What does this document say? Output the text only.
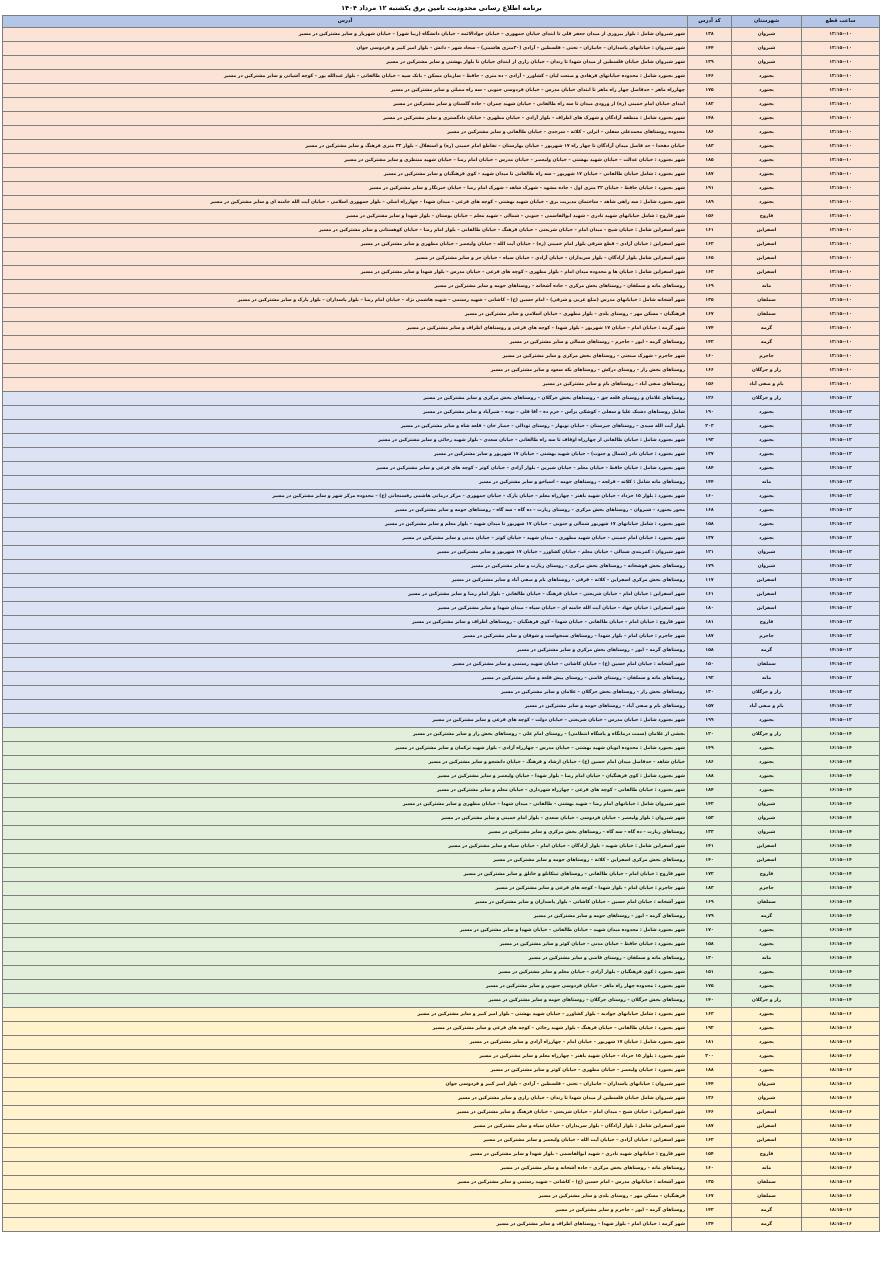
برنامه اطلاع رسانی محدودیت تامین برق یکشنبه ۱۲ مرداد ۱۴۰۴
ساعت قطع	شهرستان	کد آدرس	آدرس
۱۰--۱۲:۱۵	شیروان	۱۳۸	شهر شیروان شامل : بلوار پیروزی از میدان جعفر قلی تا ابتدای خیابان جمهوری – خیابان جوادالائمه – خیابان دانشگاه (زیبا شهر) – خیابان شهریار و سایر مشترکین در مسیر
۱۰--۱۲:۱۵	شیروان	۱۴۴	شهر شیروان : خیابانهای پاسداران – جانبازان – تختی – فلسطین – آزادی (۳۰متری هاشمی) – سجاد شهر – دانش – بلوار امیر کبیر و فردوسی جوان
۱۰--۱۲:۱۵	شیروان	۱۳۹	شهر شیروان شامل خیابان فلسطین از میدان شهدا تا زندان – خیابان رازی از ابتدای خیابان تا بلوار بهشتی و سایر مشترکین در مسیر
۱۰--۱۲:۱۵	بجنورد	۱۴۶	شهر بجنورد شامل : محدوده خیابانهای فرهادی و صنعت لبان – کشاورز – آزادی – ده متری – حافظ – سازمان مسکن – بانک سپه – خیابان طالقانی – بلوار عبدالله پور – کوچه آشیانی و سایر مشترکین در مسیر
۱۰--۱۲:۱۵	بجنورد	۱۷۵	چهارراه ماهر – حدفاصل چهار راه ماهر تا ابتدای خیابان مدرس – خیابان فردوسی جنوبی – سه راه مصلی و سایر مشترکین در مسیر
۱۰--۱۲:۱۵	بجنورد	۱۸۲	ابتدای خیابان امام خمینی (ره) از ورودی میدان تا سه راه طالقانی – خیابان شهید چمران – جاده گلستان و سایر مشترکین در مسیر
۱۰--۱۲:۱۵	بجنورد	۱۴۸	شهر بجنورد شامل : منطقه آزادگان و شهرک های اطراف – بلوار آزادی – خیابان مطهری – خیابان دادگستری و سایر مشترکین در مسیر
۱۰--۱۲:۱۵	بجنورد	۱۸۶	محدوده روستاهای محمدعلی سفلی – اترلی – کلاته – سرحدی – خیابان طالقانی و سایر مشترکین در مسیر
۱۰--۱۲:۱۵	بجنورد	۱۸۳	خیابان دهخدا – حد فاصل میدان آزادگان تا چهار راه ۱۷ شهریور – خیابان بهارستان – تقاطع امام خمینی (ره) و استقلال – بلوار ۳۲ متری فرهنگ و سایر مشترکین در مسیر
۱۰--۱۲:۱۵	بجنورد	۱۸۵	شهر بجنورد : خیابان عدالت – خیابان شهید بهشتی – خیابان ولیعصر – خیابان مدرس – خیابان امام رضا – خیابان شهید منتظری و سایر مشترکین در مسیر
۱۰--۱۲:۱۵	بجنورد	۱۸۷	شهر بجنورد : شامل خیابان طالقانی – خیابان ۱۷ شهریور – سه راه طالقانی تا میدان شهید – کوی فرهنگیان و سایر مشترکین در مسیر
۱۰--۱۲:۱۵	بجنورد	۱۹۱	شهر بجنورد : خیابان حافظ – خیابان ۳۲ متری اول – جاده مشهد – شهرک شاهد – شهرک امام رضا – خیابان خبرنگار و سایر مشترکین در مسیر
۱۰--۱۲:۱۵	بجنورد	۱۸۹	شهر بجنورد شامل : سه راهی شاهد – ساختمان مدیریت برق – خیابان شهید بهشتی – کوچه های فرعی – میدان شهدا – چهارراه اصلی – بلوار جمهوری اسلامی – خیابان آیت الله خامنه ای و سایر مشترکین در مسیر
۱۰--۱۲:۱۵	فاروج	۱۵۶	شهر فاروج : شامل خیابانهای شهید نادری – شهید ابوالقاسمی – جنوبی – شمالی – شهید معلم – خیابان بوستان – بلوار شهدا و سایر مشترکین در مسیر
۱۰--۱۲:۱۵	اسفراین	۱۶۱	شهر اسفراین شامل : خیابان شیخ – میدان امام – خیابان شریعتی – خیابان فرهنگ – خیابان طالقانی – بلوار امام رضا – خیابان کوهستانی و سایر مشترکین در مسیر
۱۰--۱۲:۱۵	اسفراین	۱۶۲	شهر اسفراین : خیابان آزادی – قطع شرقی بلوار امام خمینی (ره) – خیابان آیت الله – خیابان ولیعصر – خیابان مطهری و سایر مشترکین در مسیر
۱۰--۱۲:۱۵	اسفراین	۱۶۵	شهر اسفراین شامل بلوار آزادگان – بلوار سربداران – خیابان آزادی – خیابان سپاه – خیابان حر و سایر مشترکین در مسیر
۱۰--۱۲:۱۵	اسفراین	۱۶۳	شهر اسفراین شامل : خیابان ها و محدوده میدان امام – بلوار مطهری – کوچه های فرعی – خیابان مدرس – بلوار شهدا و سایر مشترکین در مسیر
۱۰--۱۲:۱۵	مانه	۱۶۹	روستاهای مانه و سملقان – روستاهای بخش مرکزی – جاده آشخانه – روستاهای حومه و سایر مشترکین در مسیر
۱۰--۱۲:۱۵	سملقان	۱۳۵	شهر آشخانه شامل : خیابانهای مدرس (ضلع غربی و شرقی) – امام حسین (ع) – کاشانی – شهید رستمی – شهید هاشمی نژاد – خیابان امام رضا – بلوار پاسداران – بلوار پارک و سایر مشترکین در مسیر
۱۰--۱۲:۱۵	سملقان	۱۶۷	فرهنگیان – مسکن مهر – روستای یلدی – بلوار مطهری – خیابان اسلامی و سایر مشترکین در مسیر
۱۰--۱۲:۱۵	گرمه	۱۷۴	شهر گرمه : خیابان امام – خیابان ۱۷ شهریور – بلوار شهدا – کوچه های فرعی و روستاهای اطراف و سایر مشترکین در مسیر
۱۰--۱۲:۱۵	گرمه	۱۴۲	روستاهای گرمه – ایور – جاجرم – روستاهای شمالی و سایر مشترکین در مسیر
۱۰--۱۲:۱۵	جاجرم	۱۶۰	شهر جاجرم – شهرک صنعتی – روستاهای بخش مرکزی و سایر مشترکین در مسیر
۱۰--۱۲:۱۵	راز و جرگلان	۱۶۶	روستاهای بخش راز – روستای درکش – روستاهای یکه سعود و سایر مشترکین در مسیر
۱۰--۱۲:۱۵	بام و صفی آباد	۱۵۶	روستاهای صفی آباد – روستاهای بام و سایر مشترکین در مسیر
۱۲--۱۴:۱۵	راز و جرگلان	۱۲۶	روستاهای غلامان و روستای قلعه جق – روستاهای بخش جرگلان – روستاهای بخش مرکزی و سایر مشترکین در مسیر
۱۲--۱۴:۱۵	بجنورد	۱۹۰	شامل روستاهای دشتک علیا و سفلی – کوشکی برآس – خرم ده – آقا قلی – نوده – شیرآباد و سایر مشترکین در مسیر
۱۲--۱۴:۱۵	بجنورد	۲۰۳	بلوار آیت الله سیدی – روستاهای جیرستان – خیابان نوبهار – روستای تودالی – حصار خان – قلعه شاه و سایر مشترکین در مسیر
۱۲--۱۴:۱۵	بجنورد	۱۹۳	شهر بجنورد شامل : خیابان طالقانی از چهارراه اوقاف تا سه راه طالقانی – خیابان سعدی – بلوار شهید رجائی و سایر مشترکین در مسیر
۱۲--۱۴:۱۵	بجنورد	۱۳۷	شهر بجنورد : خیابان نادر (شمال و جنوب) – خیابان شهید بهشتی – خیابان ۱۷ شهریور و سایر مشترکین در مسیر
۱۲--۱۴:۱۵	بجنورد	۱۸۴	شهر بجنورد شامل : خیابان حافظ – خیابان معلم – خیابان شیرین – بلوار آزادی – خیابان کوثر – کوچه های فرعی و سایر مشترکین در مسیر
۱۲--۱۴:۱۵	مانه	۱۴۴	روستاهای مانه شامل : کلاته – قزلجه – روستاهای حومه – اسپاخو و سایر مشترکین در مسیر
۱۲--۱۴:۱۵	بجنورد	۱۶۰	شهر بجنورد : بلوار ۱۵ خرداد – خیابان شهید باهنر – چهارراه معلم – خیابان پارک – خیابان جمهوری – مرکز درمانی هاشمی رفسنجانی (ع) – محدوده مرکز شهر و سایر مشترکین در مسیر
۱۲--۱۴:۱۵	بجنورد	۱۶۸	محور بجنورد – شیروان – روستاهای بخش مرکزی – روستای زیارت – ده گاه – سه گاه – روستاهای حومه و سایر مشترکین در مسیر
۱۲--۱۴:۱۵	بجنورد	۱۵۸	شهر بجنورد : شامل خیابانهای ۱۷ شهریور شمالی و جنوبی – خیابان ۱۷ شهریور تا میدان شهید – بلوار معلم و سایر مشترکین در مسیر
۱۲--۱۴:۱۵	بجنورد	۱۳۷	شهر بجنورد : خیابان امام خمینی – خیابان شهید مطهری – میدان شهید – خیابان کوثر – خیابان مدنی و سایر مشترکین در مسیر
۱۲--۱۴:۱۵	شیروان	۱۲۱	شهر شیروان : کمربندی شمالی – خیابان معلم – خیابان کشاورز – خیابان ۱۷ شهریور و سایر مشترکین در مسیر
۱۲--۱۴:۱۵	شیروان	۱۷۹	روستاهای بخش قوشخانه – روستاهای بخش مرکزی – روستای زیارت و سایر مشترکین در مسیر
۱۲--۱۴:۱۵	اسفراین	۱۱۷	روستاهای بخش مرکزی اسفراین – کلاته – قرقی – روستاهای بام و صفی آباد و سایر مشترکین در مسیر
۱۲--۱۴:۱۵	اسفراین	۱۶۱	شهر اسفراین : خیابان امام – خیابان شریعتی – خیابان فرهنگ – خیابان طالقانی – بلوار امام رضا و سایر مشترکین در مسیر
۱۲--۱۴:۱۵	اسفراین	۱۸۰	شهر اسفراین : خیابان جهاد – خیابان آیت الله خامنه ای – خیابان سپاه – میدان شهدا و سایر مشترکین در مسیر
۱۲--۱۴:۱۵	فاروج	۱۸۱	شهر فاروج : خیابان امام – خیابان طالقانی – خیابان شهدا – کوی فرهنگیان – روستاهای اطراف و سایر مشترکین در مسیر
۱۲--۱۴:۱۵	جاجرم	۱۸۷	شهر جاجرم : خیابان امام – بلوار شهدا – روستاهای سنخواست و شوقان و سایر مشترکین در مسیر
۱۲--۱۴:۱۵	گرمه	۱۵۸	روستاهای گرمه – ایور – روستاهای بخش مرکزی و سایر مشترکین در مسیر
۱۲--۱۴:۱۵	سملقان	۱۵۰	شهر آشخانه : خیابان امام حسین (ع) – خیابان کاشانی – خیابان شهید رستمی و سایر مشترکین در مسیر
۱۲--۱۴:۱۵	مانه	۱۹۲	روستاهای مانه و سملقان – روستای قاضی – روستای پیش قلعه و سایر مشترکین در مسیر
۱۲--۱۴:۱۵	راز و جرگلان	۱۳۰	روستاهای بخش راز – روستاهای بخش جرگلان – غلامان و سایر مشترکین در مسیر
۱۲--۱۴:۱۵	بام و صفی آباد	۱۵۷	روستاهای بام و صفی آباد – روستاهای حومه و سایر مشترکین در مسیر
۱۲--۱۴:۱۵	بجنورد	۱۹۹	شهر بجنورد شامل : خیابان مدرس – خیابان شریعتی – خیابان دولت – کوچه های فرعی و سایر مشترکین در مسیر
۱۴--۱۶:۱۵	راز و جرگلان	۱۲۰	بخشی از غلامان (سمت درمانگاه و پاسگاه انتظامی) – روستای امام علی – روستاهای بخش راز و سایر مشترکین در مسیر
۱۴--۱۶:۱۵	بجنورد	۱۴۹	شهر بجنورد شامل : محدوده اتوبان شهید بهشتی – خیابان مدرس – چهارراه آزادی – بلوار شهید ترکمان و سایر مشترکین در مسیر
۱۴--۱۶:۱۵	بجنورد	۱۸۶	خیابان شاهد – حدفاصل میدان امام حسین (ع) – خیابان ارشاد و فرهنگ – خیابان دانشجو و سایر مشترکین در مسیر
۱۴--۱۶:۱۵	بجنورد	۱۸۸	شهر بجنورد شامل : کوی فرهنگیان – خیابان امام رضا – بلوار شهدا – خیابان ولیعصر و سایر مشترکین در مسیر
۱۴--۱۶:۱۵	بجنورد	۱۸۴	شهر بجنورد : خیابان طالقانی – کوچه های فرعی – چهارراه شهرداری – خیابان معلم و سایر مشترکین در مسیر
۱۴--۱۶:۱۵	شیروان	۱۴۲	شهر شیروان شامل : خیابانهای امام رضا – شهید بهشتی – طالقانی – میدان شهدا – خیابان مطهری و سایر مشترکین در مسیر
۱۴--۱۶:۱۵	شیروان	۱۵۳	شهر شیروان : بلوار ولیعصر – خیابان فردوسی – خیابان سعدی – بلوار امام خمینی و سایر مشترکین در مسیر
۱۴--۱۶:۱۵	شیروان	۱۳۳	روستاهای زیارت – ده گاه – سه گاه – روستاهای بخش مرکزی و سایر مشترکین در مسیر
۱۴--۱۶:۱۵	اسفراین	۱۴۱	شهر اسفراین شامل : خیابان شهید – بلوار آزادگان – خیابان امام – خیابان سپاه و سایر مشترکین در مسیر
۱۴--۱۶:۱۵	اسفراین	۱۴۰	روستاهای بخش مرکزی اسفراین – کلاته – روستاهای حومه و سایر مشترکین در مسیر
۱۴--۱۶:۱۵	فاروج	۱۷۲	شهر فاروج : خیابان امام – خیابان طالقانی – روستاهای تیتکانلو و خانلق و سایر مشترکین در مسیر
۱۴--۱۶:۱۵	جاجرم	۱۸۳	شهر جاجرم : خیابان امام – بلوار شهدا – کوچه های فرعی و سایر مشترکین در مسیر
۱۴--۱۶:۱۵	سملقان	۱۶۹	شهر آشخانه : خیابان امام حسین – خیابان کاشانی – بلوار پاسداران و سایر مشترکین در مسیر
۱۴--۱۶:۱۵	گرمه	۱۷۹	روستاهای گرمه – ایور – روستاهای حومه و سایر مشترکین در مسیر
۱۴--۱۶:۱۵	بجنورد	۱۷۰	شهر بجنورد شامل : محدوده میدان شهید – خیابان طالقانی – خیابان شهدا و سایر مشترکین در مسیر
۱۴--۱۶:۱۵	بجنورد	۱۵۸	شهر بجنورد : خیابان حافظ – خیابان مدنی – خیابان کوثر و سایر مشترکین در مسیر
۱۴--۱۶:۱۵	مانه	۱۳۰	روستاهای مانه و سملقان – روستای قاضی و سایر مشترکین در مسیر
۱۴--۱۶:۱۵	بجنورد	۱۵۱	شهر بجنورد : کوی فرهنگیان – بلوار آزادی – خیابان معلم و سایر مشترکین در مسیر
۱۴--۱۶:۱۵	بجنورد	۱۷۵	شهر بجنورد : محدوده چهار راه ماهر – خیابان فردوسی جنوبی و سایر مشترکین در مسیر
۱۴--۱۶:۱۵	راز و جرگلان	۱۴۰	روستاهای بخش جرگلان – روستای جرگلان – روستاهای حومه و سایر مشترکین در مسیر
۱۶--۱۸:۱۵	بجنورد	۱۶۳	شهر بجنورد : شامل خیابانهای جوادیه – بلوار کشاورز – خیابان شهید بهشتی – بلوار امیر کبیر و سایر مشترکین در مسیر
۱۶--۱۸:۱۵	بجنورد	۱۹۲	شهر بجنورد : خیابان طالقانی – خیابان فرهنگ – بلوار شهید رجائی – کوچه های فرعی و سایر مشترکین در مسیر
۱۶--۱۸:۱۵	بجنورد	۱۸۱	شهر بجنورد شامل : خیابان ۱۷ شهریور – خیابان امام – چهارراه آزادی و سایر مشترکین در مسیر
۱۶--۱۸:۱۵	بجنورد	۲۰۰	شهر بجنورد : بلوار ۱۵ خرداد – خیابان شهید باهنر – چهارراه معلم و سایر مشترکین در مسیر
۱۶--۱۸:۱۵	بجنورد	۱۸۸	شهر بجنورد : خیابان ولیعصر – خیابان مطهری – خیابان کوثر و سایر مشترکین در مسیر
۱۶--۱۸:۱۵	شیروان	۱۴۴	شهر شیروان : خیابانهای پاسداران – جانبازان – تختی – فلسطین – آزادی – بلوار امیر کبیر و فردوسی جوان
۱۶--۱۸:۱۵	شیروان	۱۳۶	شهر شیروان شامل خیابان فلسطین از میدان شهدا تا زندان – خیابان رازی و سایر مشترکین در مسیر
۱۶--۱۸:۱۵	اسفراین	۱۴۶	شهر اسفراین : خیابان شیخ – میدان امام – خیابان شریعتی – خیابان فرهنگ و سایر مشترکین در مسیر
۱۶--۱۸:۱۵	اسفراین	۱۸۷	شهر اسفراین شامل : بلوار آزادگان – بلوار سربداران – خیابان سپاه و سایر مشترکین در مسیر
۱۶--۱۸:۱۵	اسفراین	۱۶۲	شهر اسفراین : خیابان آزادی – خیابان آیت الله – خیابان ولیعصر و سایر مشترکین در مسیر
۱۶--۱۸:۱۵	فاروج	۱۵۴	شهر فاروج : خیابانهای شهید نادری – شهید ابوالقاسمی – بلوار شهدا و سایر مشترکین در مسیر
۱۶--۱۸:۱۵	مانه	۱۶۰	روستاهای مانه – روستاهای بخش مرکزی – جاده آشخانه و سایر مشترکین در مسیر
۱۶--۱۸:۱۵	سملقان	۱۳۵	شهر آشخانه : خیابانهای مدرس – امام حسین (ع) – کاشانی – شهید رستمی و سایر مشترکین در مسیر
۱۶--۱۸:۱۵	سملقان	۱۶۷	فرهنگیان – مسکن مهر – روستای یلدی و سایر مشترکین در مسیر
۱۶--۱۸:۱۵	گرمه	۱۴۲	روستاهای گرمه – ایور – جاجرم و سایر مشترکین در مسیر
۱۶--۱۸:۱۵	گرمه	۱۳۴	شهر گرمه : خیابان امام – بلوار شهدا – روستاهای اطراف و سایر مشترکین در مسیر
